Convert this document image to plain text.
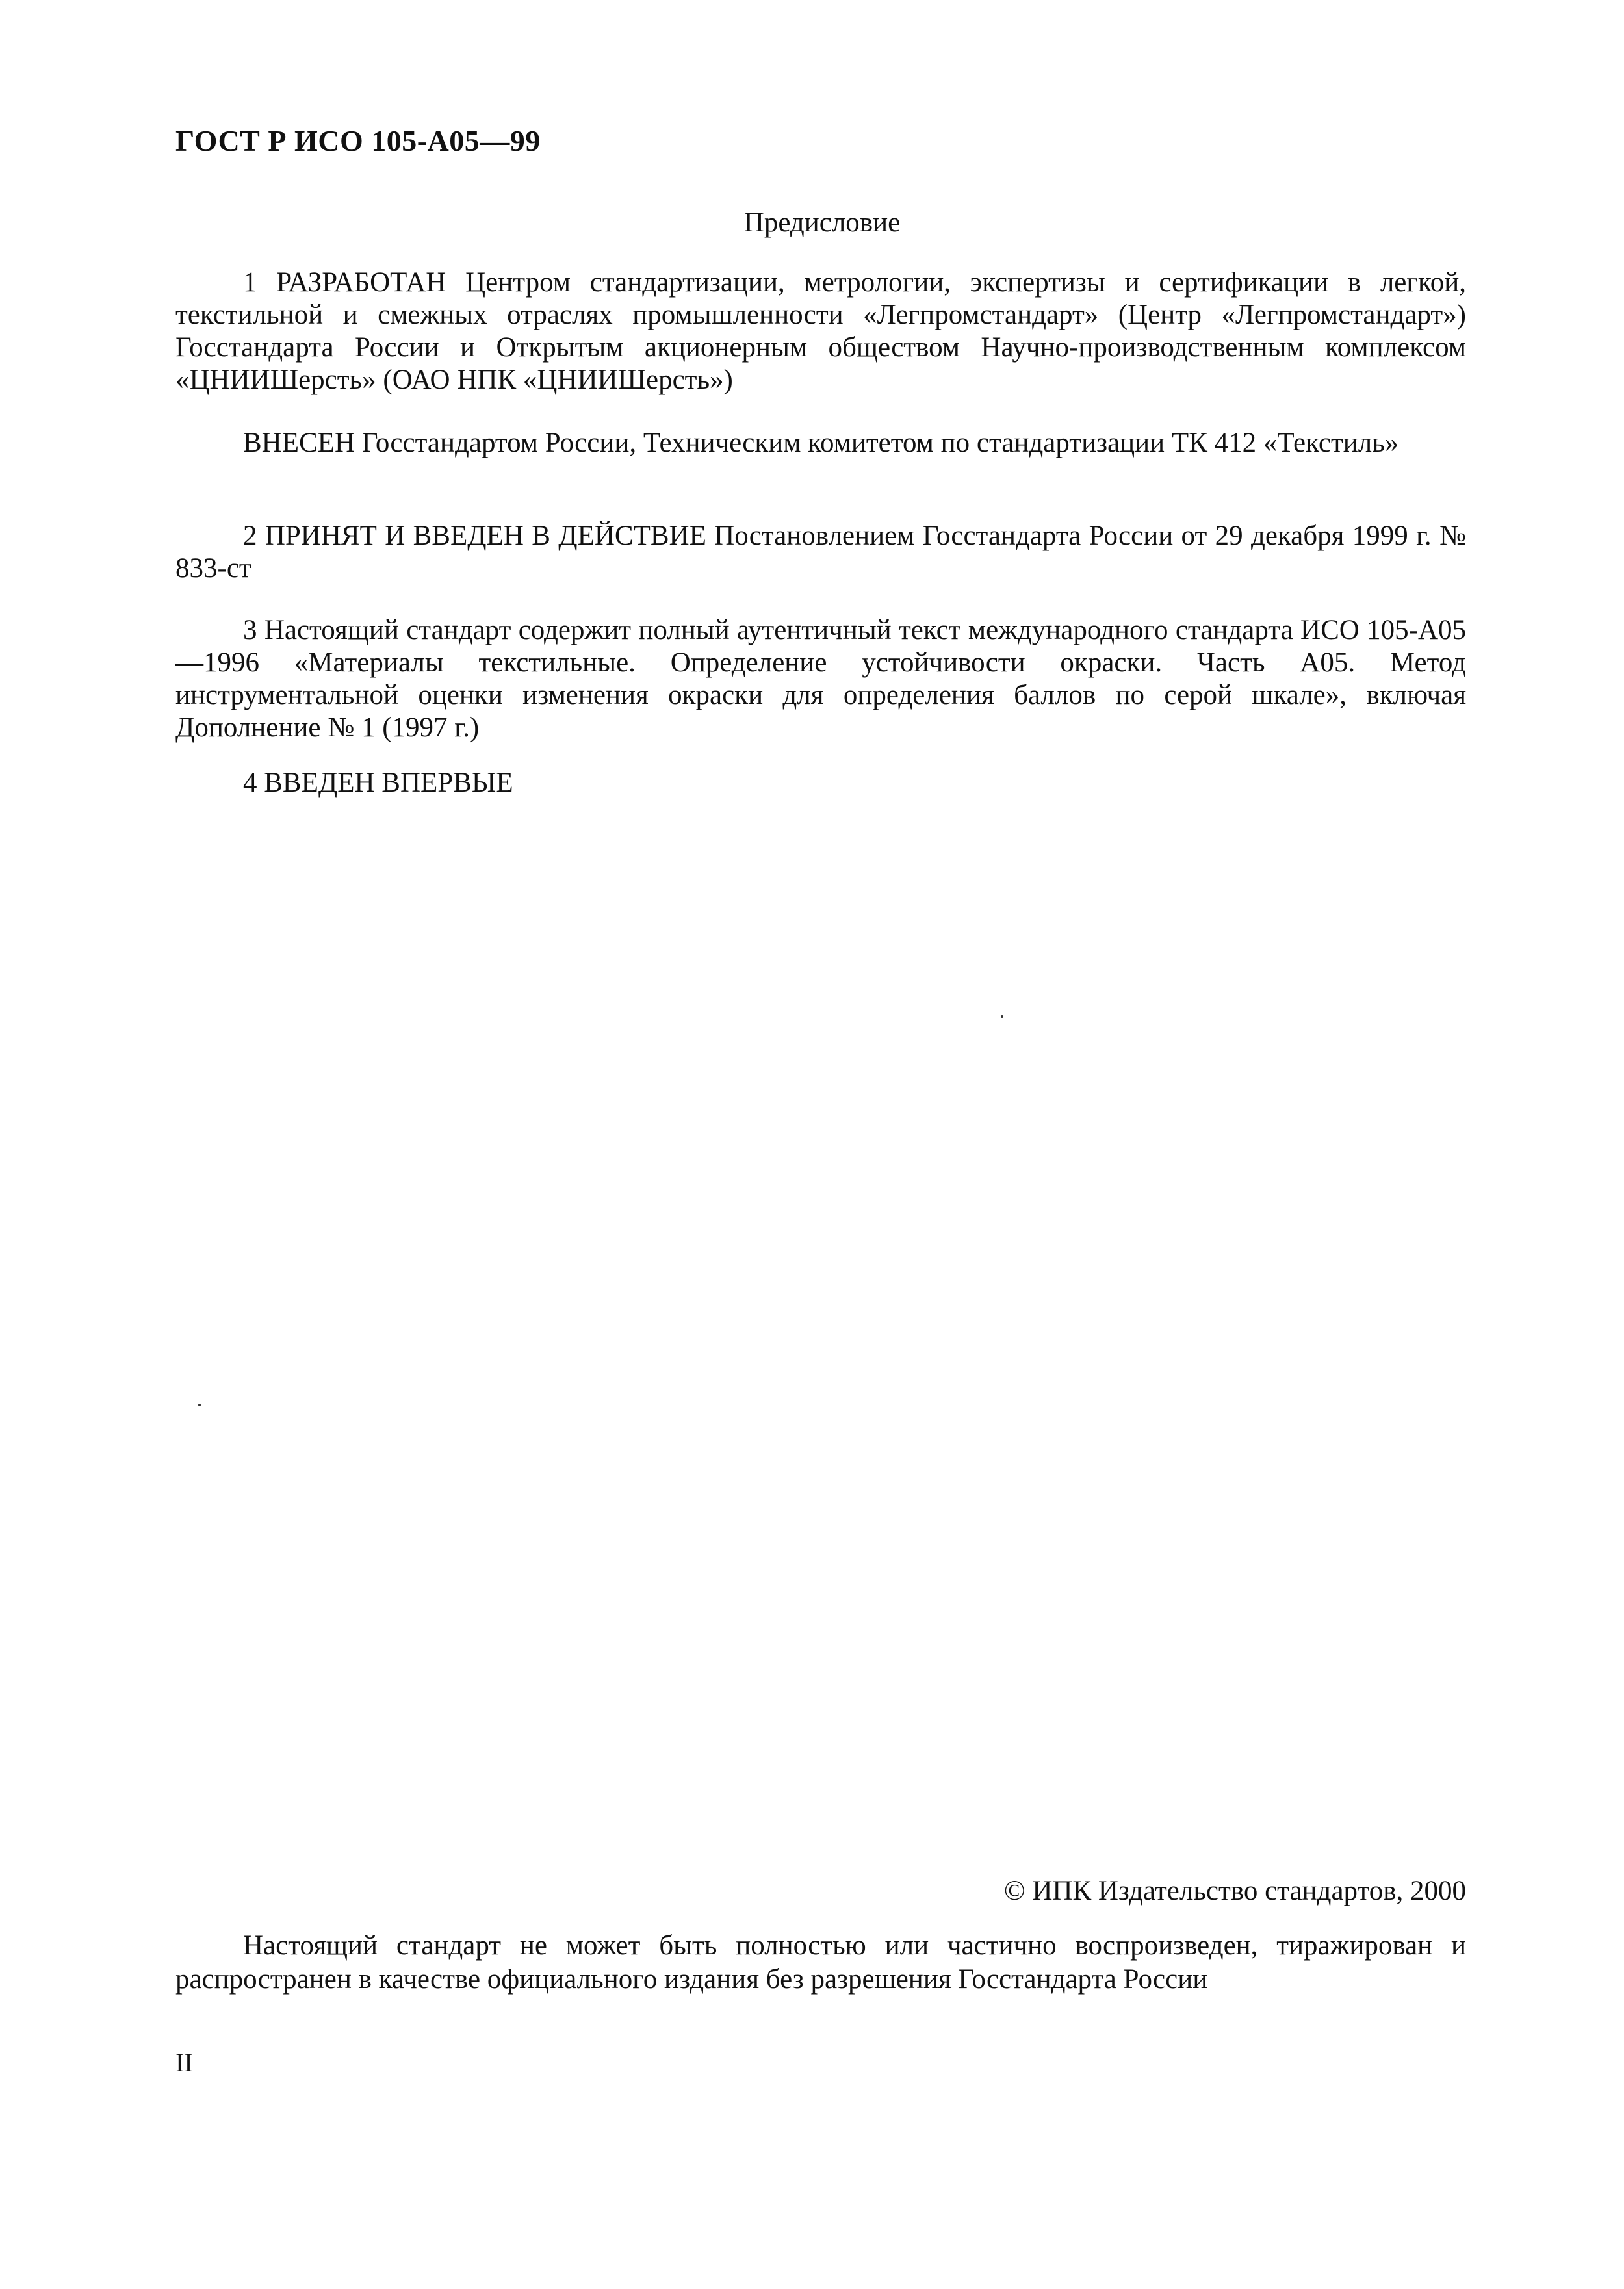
ГОСТ Р ИСО 105-А05—99
Предисловие

1 РАЗРАБОТАН Центром стандартизации, метрологии, экспертизы и сертификации в легкой, текстильной и смежных отраслях промышленности «Легпромстандарт» (Центр «Легпромстандарт») Госстандарта России и Открытым акционерным обществом Научно-производственным комплексом «ЦНИИШерсть» (ОАО НПК «ЦНИИШерсть»)

ВНЕСЕН Госстандартом России, Техническим комитетом по стандартизации ТК 412 «Текстиль»

2 ПРИНЯТ И ВВЕДЕН В ДЕЙСТВИЕ Постановлением Госстандарта России от 29 декабря 1999 г. № 833-ст

3 Настоящий стандарт содержит полный аутентичный текст международного стандарта ИСО 105-А05—1996 «Материалы текстильные. Определение устойчивости окраски. Часть А05. Метод инструментальной оценки изменения окраски для определения баллов по серой шкале», включая Дополнение № 1 (1997 г.)

4 ВВЕДЕН ВПЕРВЫЕ

© ИПК Издательство стандартов, 2000

Настоящий стандарт не может быть полностью или частично воспроизведен, тиражирован и распространен в качестве официального издания без разрешения Госстандарта России

II
